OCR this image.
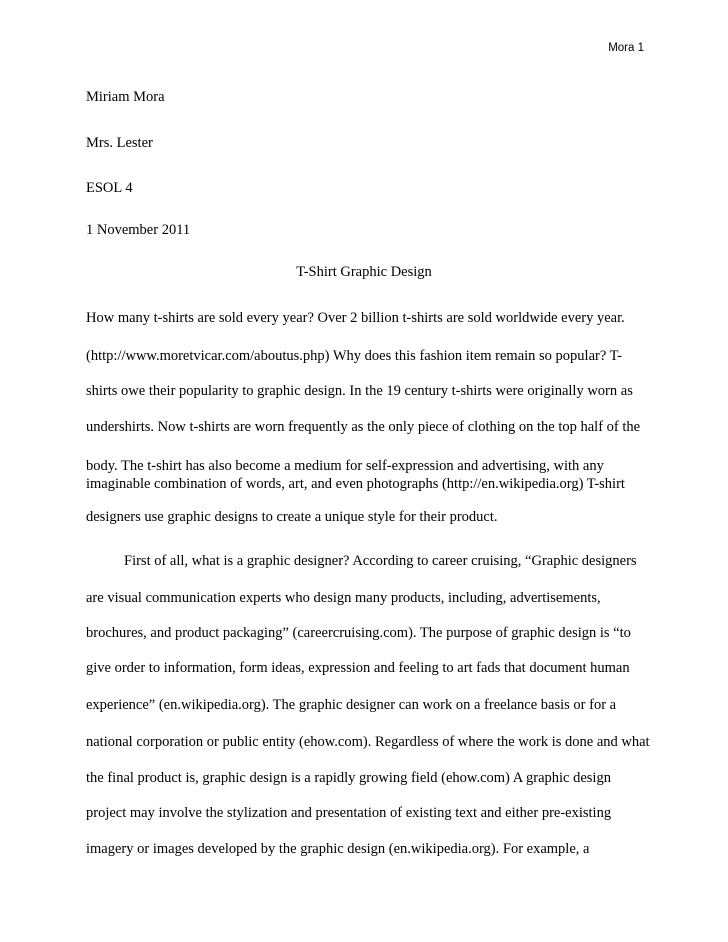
Mora 1
Miriam Mora
Mrs. Lester
ESOL 4
1 November 2011
T-Shirt Graphic Design
How many t-shirts are sold every year? Over 2 billion t-shirts are sold worldwide every year.
(http://www.moretvicar.com/aboutus.php) Why does this fashion item remain so popular? T-
shirts owe their popularity to graphic design. In the 19 century t-shirts were originally worn as
undershirts. Now t-shirts are worn frequently as the only piece of clothing on the top half of the
body. The t-shirt has also become a medium for self-expression and advertising, with any
imaginable combination of words, art, and even photographs (http://en.wikipedia.org) T-shirt
designers use graphic designs to create a unique style for their product.
First of all, what is a graphic designer? According to career cruising, “Graphic designers
are visual communication experts who design many products, including, advertisements,
brochures, and product packaging” (careercruising.com). The purpose of graphic design is “to
give order to information, form ideas, expression and feeling to art fads that document human
experience” (en.wikipedia.org). The graphic designer can work on a freelance basis or for a
national corporation or public entity (ehow.com). Regardless of where the work is done and what
the final product is, graphic design is a rapidly growing field (ehow.com) A graphic design
project may involve the stylization and presentation of existing text and either pre-existing
imagery or images developed by the graphic design (en.wikipedia.org). For example, a
